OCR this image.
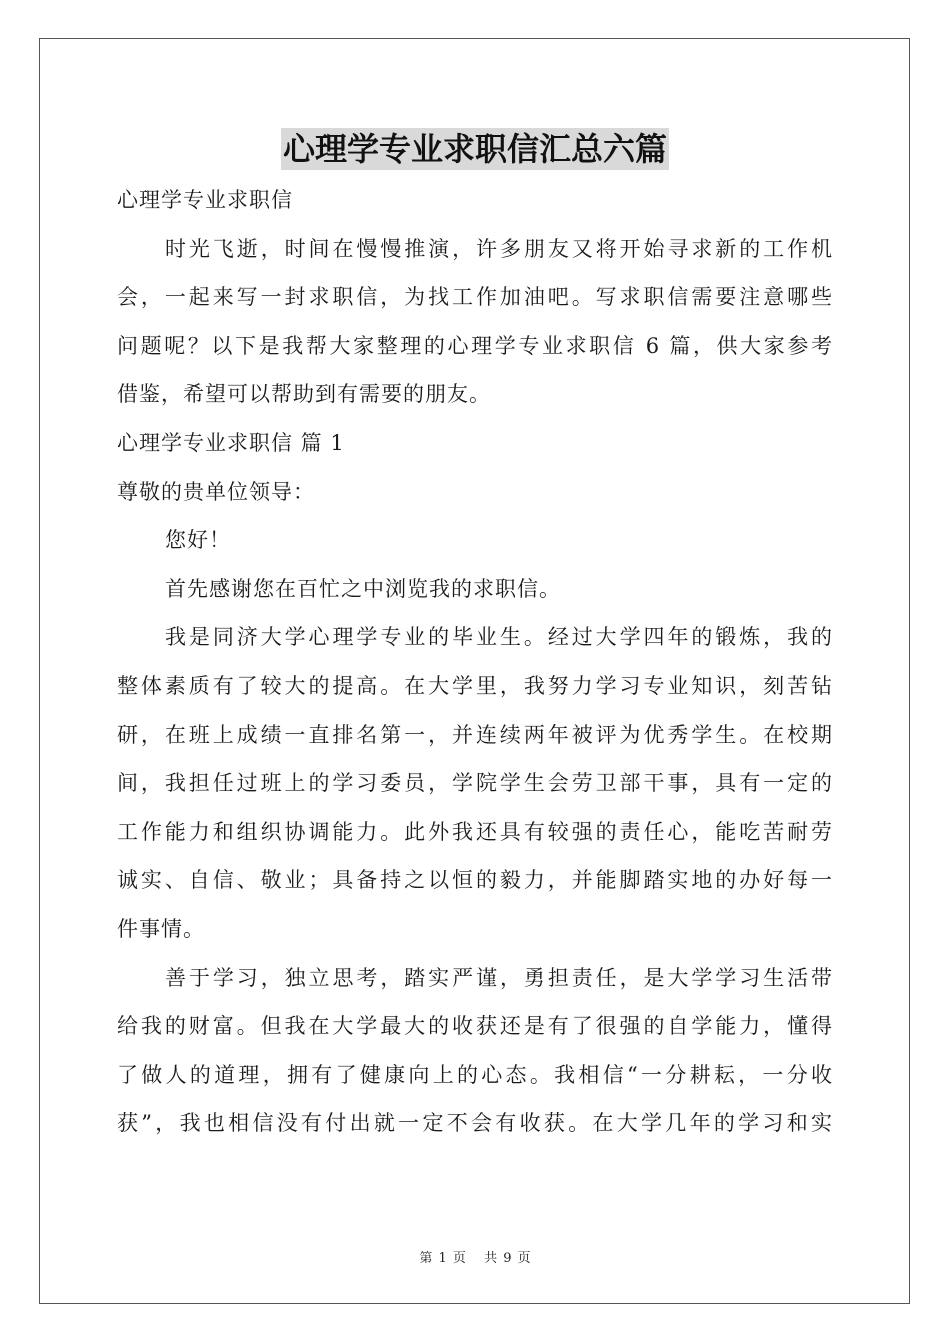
心理学专业求职信汇总六篇

心理学专业求职信

时光飞逝，时间在慢慢推演，许多朋友又将开始寻求新的工作机

会，一起来写一封求职信，为找工作加油吧。写求职信需要注意哪些

问题呢？以下是我帮大家整理的心理学专业求职信 6 篇，供大家参考

借鉴，希望可以帮助到有需要的朋友。

心理学专业求职信 篇 1

尊敬的贵单位领导：

您好！

首先感谢您在百忙之中浏览我的求职信。

我是同济大学心理学专业的毕业生。经过大学四年的锻炼，我的

整体素质有了较大的提高。在大学里，我努力学习专业知识，刻苦钻

研，在班上成绩一直排名第一，并连续两年被评为优秀学生。在校期

间，我担任过班上的学习委员，学院学生会劳卫部干事，具有一定的

工作能力和组织协调能力。此外我还具有较强的责任心，能吃苦耐劳

诚实、自信、敬业；具备持之以恒的毅力，并能脚踏实地的办好每一

件事情。

善于学习，独立思考，踏实严谨，勇担责任，是大学学习生活带

给我的财富。但我在大学最大的收获还是有了很强的自学能力，懂得

了做人的道理，拥有了健康向上的心态。我相信“一分耕耘，一分收

获”，我也相信没有付出就一定不会有收获。在大学几年的学习和实

第 1 页 共 9 页
